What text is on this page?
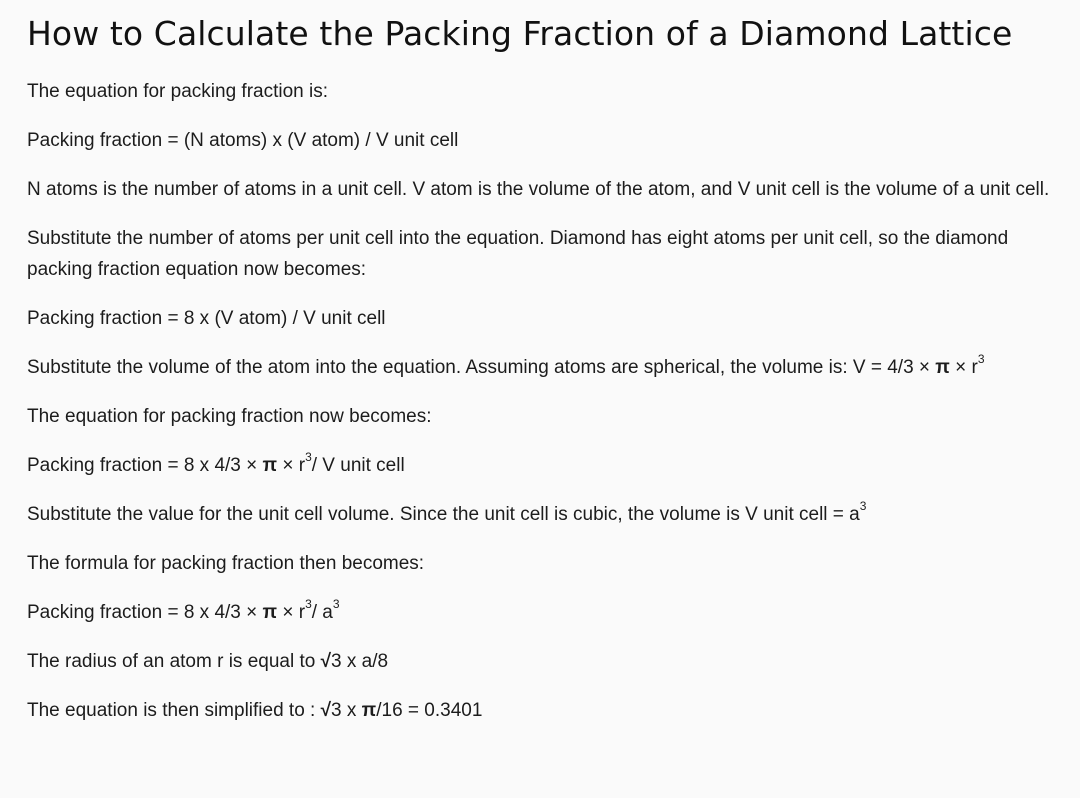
How to Calculate the Packing Fraction of a Diamond Lattice

The equation for packing fraction is:

Packing fraction = (N atoms) x (V atom) / V unit cell

N atoms is the number of atoms in a unit cell. V atom is the volume of the atom, and V unit cell is the volume of a unit cell.

Substitute the number of atoms per unit cell into the equation. Diamond has eight atoms per unit cell, so the diamond packing fraction equation now becomes:

Packing fraction = 8 x (V atom) / V unit cell

Substitute the volume of the atom into the equation. Assuming atoms are spherical, the volume is: $V = 4/3 \times \pi \times r^3$

The equation for packing fraction now becomes:

Packing fraction = 8 x $4/3 \times \pi \times r^3/$ V unit cell

Substitute the value for the unit cell volume. Since the unit cell is cubic, the volume is V unit cell = $a^3$

The formula for packing fraction then becomes:

Packing fraction = 8 x $4/3 \times \pi \times r^3/$ $a^3$

The radius of an atom r is equal to √3 x a/8

The equation is then simplified to : √3 x π/16 = 0.3401
